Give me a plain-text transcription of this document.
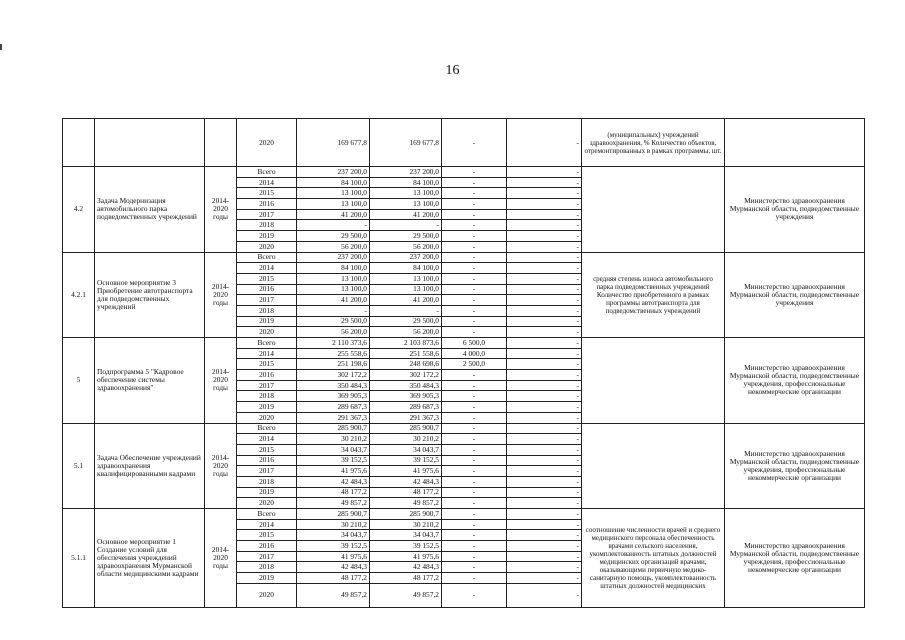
16
			2020	169 677,8	169 677,8	-	-	(муниципальных) учреждений здравоохранения, % Количество объектов, отремонтированных в рамках программы, шт.	
4.2	Задача Модернизация автомобильного парка подведомственных учреждений	2014-2020 годы	Всего	237 200,0	237 200,0	-	-		Министерство здравоохранения Мурманской области, подведомственные учреждения
			2014	84 100,0	84 100,0	-	-		
			2015	13 100,0	13 100,0	-	-		
			2016	13 100,0	13 100,0	-	-		
			2017	41 200,0	41 200,0	-	-		
			2018	-	-	-	-		
			2019	29 500,0	29 500,0	-	-		
			2020	56 200,0	56 200,0	-	-		
4.2.1	Основное мероприятие 3 Приобретение автотранспорта для подведомственных учреждений	2014-2020 годы	Всего	237 200,0	237 200,0	-	-	средняя степень износа автомобильного парка подведомственных учреждений Количество приобретенного в рамках программы автотранспорта для подведомственных учреждений	Министерство здравоохранения Мурманской области, подведомственные учреждения
			2014	84 100,0	84 100,0	-	-		
			2015	13 100,0	13 100,0	-	-		
			2016	13 100,0	13 100,0	-	-		
			2017	41 200,0	41 200,0	-	-		
			2018	-	-	-	-		
			2019	29 500,0	29 500,0	-	-		
			2020	56 200,0	56 200,0	-	-		
5	Подпрограмма 5 "Кадровое обеспечение системы здравоохранения"	2014-2020 годы	Всего	2 110 373,6	2 103 873,6	6 500,0	-		Министерство здравоохранения Мурманской области, подведомственные учреждения, профессиональные некоммерческие организации
			2014	255 558,6	251 558,6	4 000,0	-		
			2015	251 198,6	248 698,6	2 500,0	-		
			2016	302 172,2	302 172,2	-	-		
			2017	350 484,3	350 484,3	-	-		
			2018	369 905,3	369 905,3	-	-		
			2019	289 687,3	289 687,3	-	-		
			2020	291 367,3	291 367,3	-	-		
5.1	Задача Обеспечение учреждений здравоохранения квалифицированными кадрами	2014-2020 годы	Всего	285 900,7	285 900,7	-	-		Министерство здравоохранения Мурманской области, подведомственные учреждения, профессиональные некоммерческие организации
			2014	30 210,2	30 210,2	-	-		
			2015	34 043,7	34 043,7	-	-		
			2016	39 152,5	39 152,5	-	-		
			2017	41 975,6	41 975,6	-	-		
			2018	42 484,3	42 484,3	-	-		
			2019	48 177,2	48 177,2	-	-		
			2020	49 857,2	49 857,2	-	-		
5.1.1	Основное мероприятие 1 Создание условий для обеспечения учреждений здравоохранения Мурманской области медицинскими кадрами	2014-2020 годы	Всего	285 900,7	285 900,7	-	-	соотношение численности врачей и среднего медицинского персонала обеспеченность врачами сельского населения, укомплектованность штатных должностей медицинских организаций врачами, оказывающими первичную медико-санитарную помощь, укомплектованность штатных должностей медицинских	Министерство здравоохранения Мурманской области, подведомственные учреждения, профессиональные некоммерческие организации
			2014	30 210,2	30 210,2	-	-		
			2015	34 043,7	34 043,7	-	-		
			2016	39 152,5	39 152,5	-	-		
			2017	41 975,6	41 975,6	-	-		
			2018	42 484,3	42 484,3	-	-		
			2019	48 177,2	48 177,2	-	-		
			2020	49 857,2	49 857,2	-	-		
